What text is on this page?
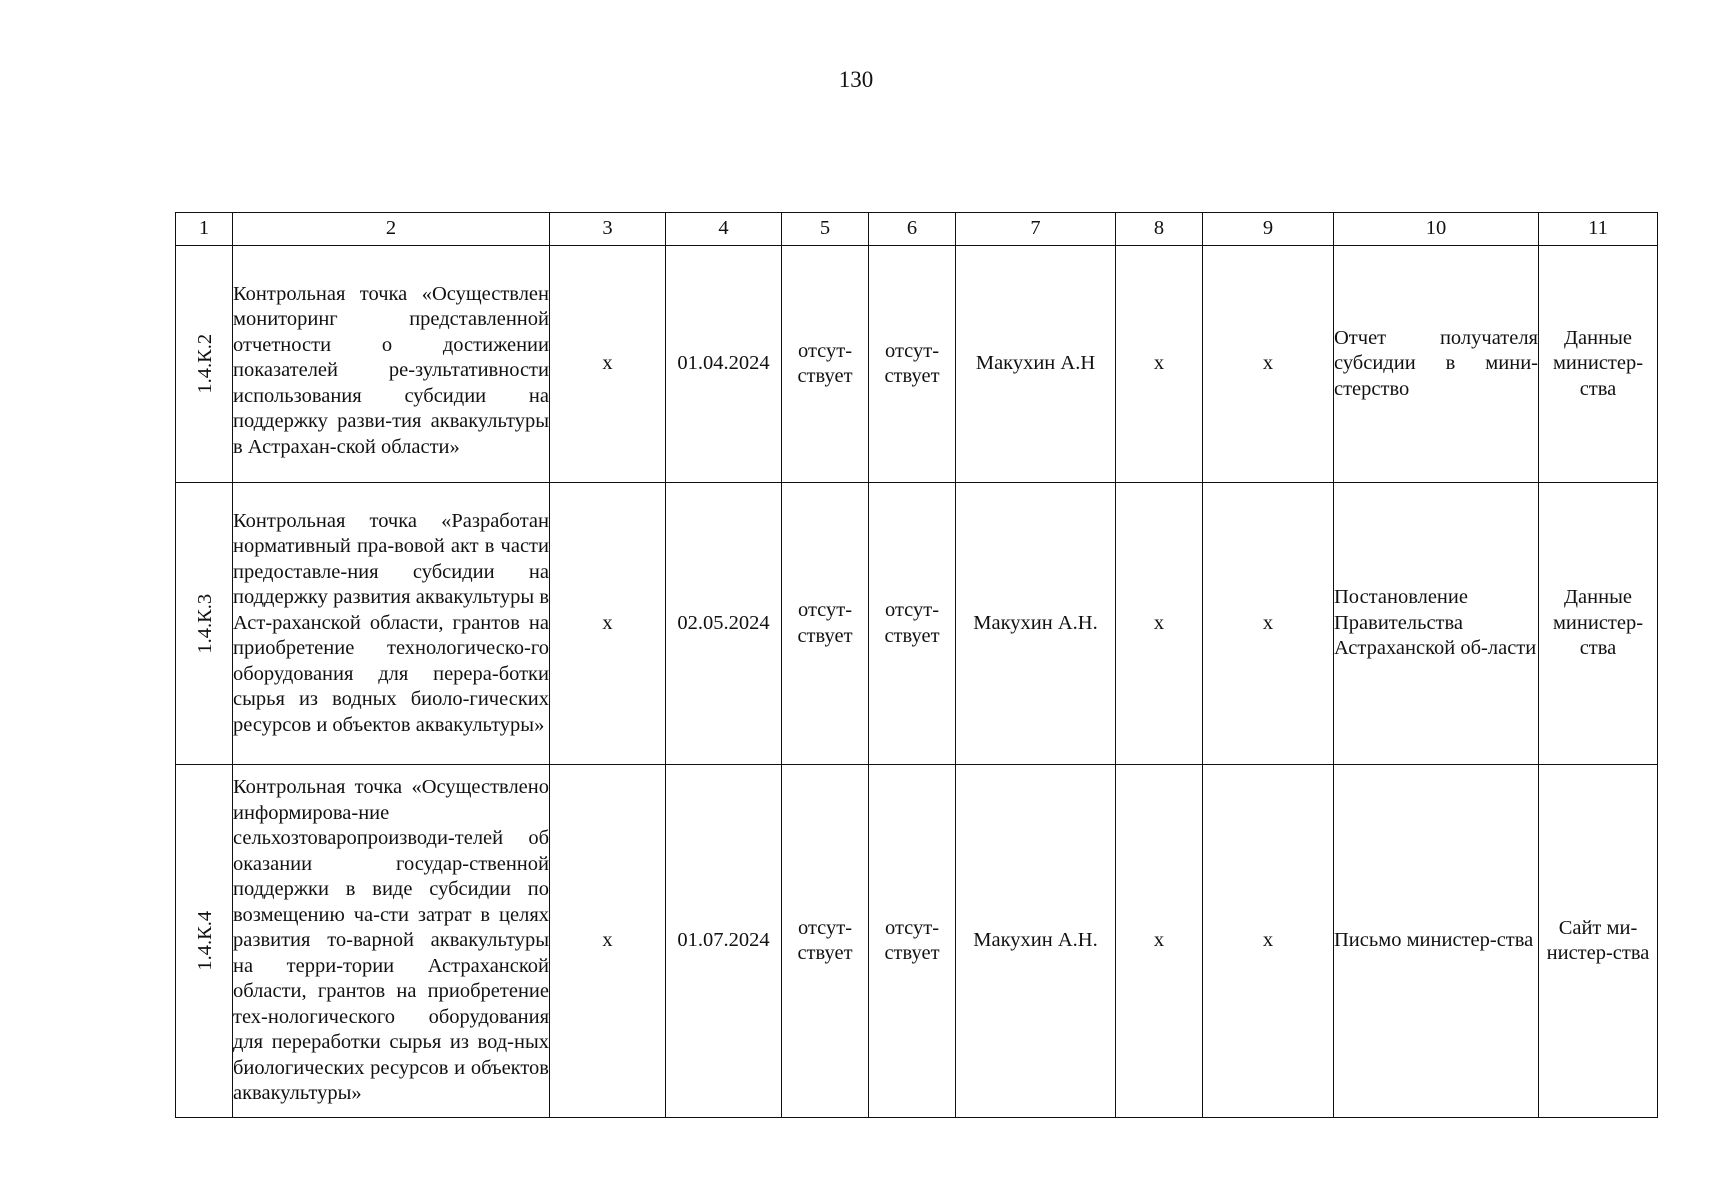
130
1	2	3	4	5	6	7	8	9	10	11
1.4.К.2	Контрольная точка «Осуществлен мониторинг представленной отчетности о достижении показателей ре-зультативности использования субсидии на поддержку разви-тия аквакультуры в Астрахан-ской области»	х	01.04.2024	отсут-ствует	отсут-ствует	Макухин А.Н	х	х	Отчет получателя субсидии в мини-стерство	Данные министер-ства
1.4.К.3	Контрольная точка «Разработан нормативный пра-вовой акт в части предоставле-ния субсидии на поддержку развития аквакультуры в Аст-раханской области, грантов на приобретение технологическо-го оборудования для перера-ботки сырья из водных биоло-гических ресурсов и объектов аквакультуры»	х	02.05.2024	отсут-ствует	отсут-ствует	Макухин А.Н.	х	х	Постановление Правительства Астраханской об-ласти	Данные министер-ства
1.4.К.4	Контрольная точка «Осуществлено информирова-ние сельхозтоваропроизводи-телей об оказании государ-ственной поддержки в виде субсидии по возмещению ча-сти затрат в целях развития то-варной аквакультуры на терри-тории Астраханской области, грантов на приобретение тех-нологического оборудования для переработки сырья из вод-ных биологических ресурсов и объектов аквакультуры»	х	01.07.2024	отсут-ствует	отсут-ствует	Макухин А.Н.	х	х	Письмо министер-ства	Сайт ми-нистер-ства
